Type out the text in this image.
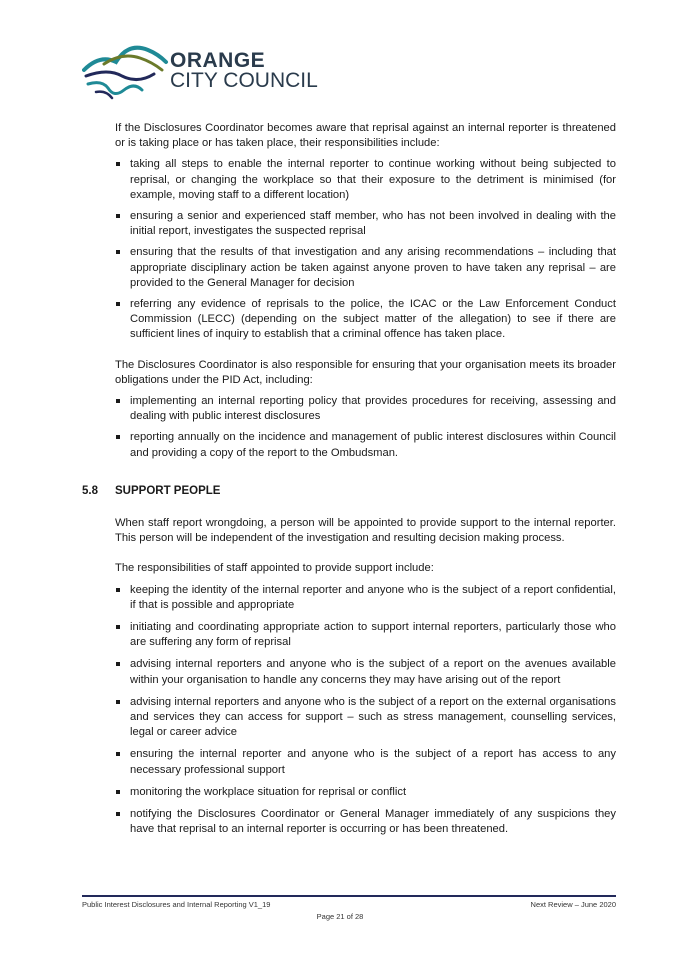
ORANGE
CITY COUNCIL

If the Disclosures Coordinator becomes aware that reprisal against an internal reporter is threatened or is taking place or has taken place, their responsibilities include:

taking all steps to enable the internal reporter to continue working without being subjected to reprisal, or changing the workplace so that their exposure to the detriment is minimised (for example, moving staff to a different location)
ensuring a senior and experienced staff member, who has not been involved in dealing with the initial report, investigates the suspected reprisal
ensuring that the results of that investigation and any arising recommendations – including that appropriate disciplinary action be taken against anyone proven to have taken any reprisal – are provided to the General Manager for decision
referring any evidence of reprisals to the police, the ICAC or the Law Enforcement Conduct Commission (LECC) (depending on the subject matter of the allegation) to see if there are sufficient lines of inquiry to establish that a criminal offence has taken place.

The Disclosures Coordinator is also responsible for ensuring that your organisation meets its broader obligations under the PID Act, including:

implementing an internal reporting policy that provides procedures for receiving, assessing and dealing with public interest disclosures
reporting annually on the incidence and management of public interest disclosures within Council and providing a copy of the report to the Ombudsman.
5.8 SUPPORT PEOPLE

When staff report wrongdoing, a person will be appointed to provide support to the internal reporter. This person will be independent of the investigation and resulting decision making process.

The responsibilities of staff appointed to provide support include:

keeping the identity of the internal reporter and anyone who is the subject of a report confidential, if that is possible and appropriate
initiating and coordinating appropriate action to support internal reporters, particularly those who are suffering any form of reprisal
advising internal reporters and anyone who is the subject of a report on the avenues available within your organisation to handle any concerns they may have arising out of the report
advising internal reporters and anyone who is the subject of a report on the external organisations and services they can access for support – such as stress management, counselling services, legal or career advice
ensuring the internal reporter and anyone who is the subject of a report has access to any necessary professional support
monitoring the workplace situation for reprisal or conflict
notifying the Disclosures Coordinator or General Manager immediately of any suspicions they have that reprisal to an internal reporter is occurring or has been threatened.
Public Interest Disclosures and Internal Reporting V1_19	Next Review – June 2020
Page 21 of 28
